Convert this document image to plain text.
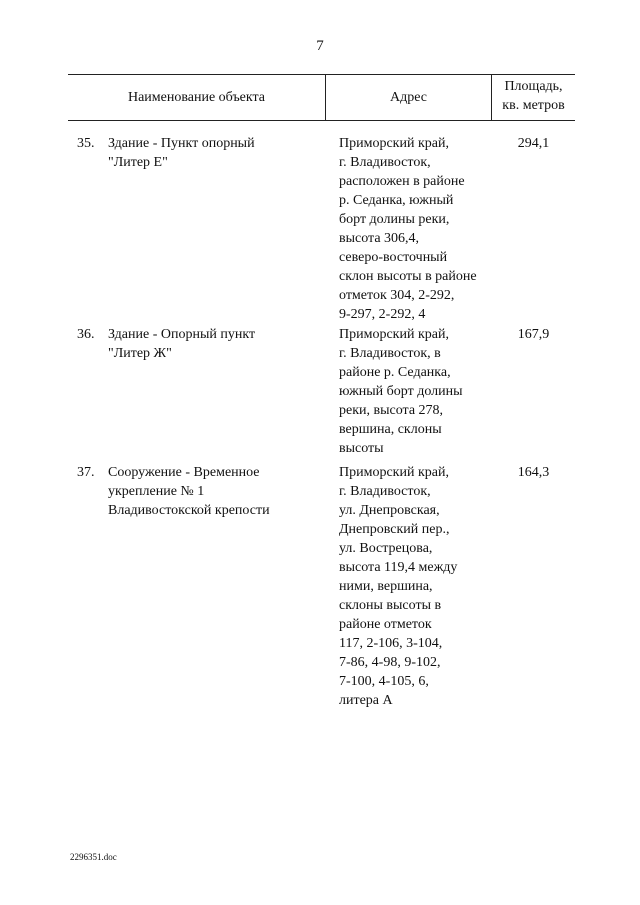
7
Наименование объекта	Адрес
Площадь,
кв. метров
35. Здание - Пункт опорный
"Литер Е"
Приморский край,
г. Владивосток,
расположен в районе
р. Седанка, южный
борт долины реки,
высота 306,4,
северо-восточный
склон высоты в районе
отметок 304, 2-292,
9-297, 2-292, 4
294,1
36. Здание - Опорный пункт
"Литер Ж"
Приморский край,
г. Владивосток, в
районе р. Седанка,
южный борт долины
реки, высота 278,
вершина, склоны
высоты
167,9
37. Сооружение - Временное
укрепление № 1
Владивостокской крепости
Приморский край,
г. Владивосток,
ул. Днепровская,
Днепровский пер.,
ул. Вострецова,
высота 119,4 между
ними, вершина,
склоны высоты в
районе отметок
117, 2-106, 3-104,
7-86, 4-98, 9-102,
7-100, 4-105, 6,
литера А
164,3
2296351.doc
